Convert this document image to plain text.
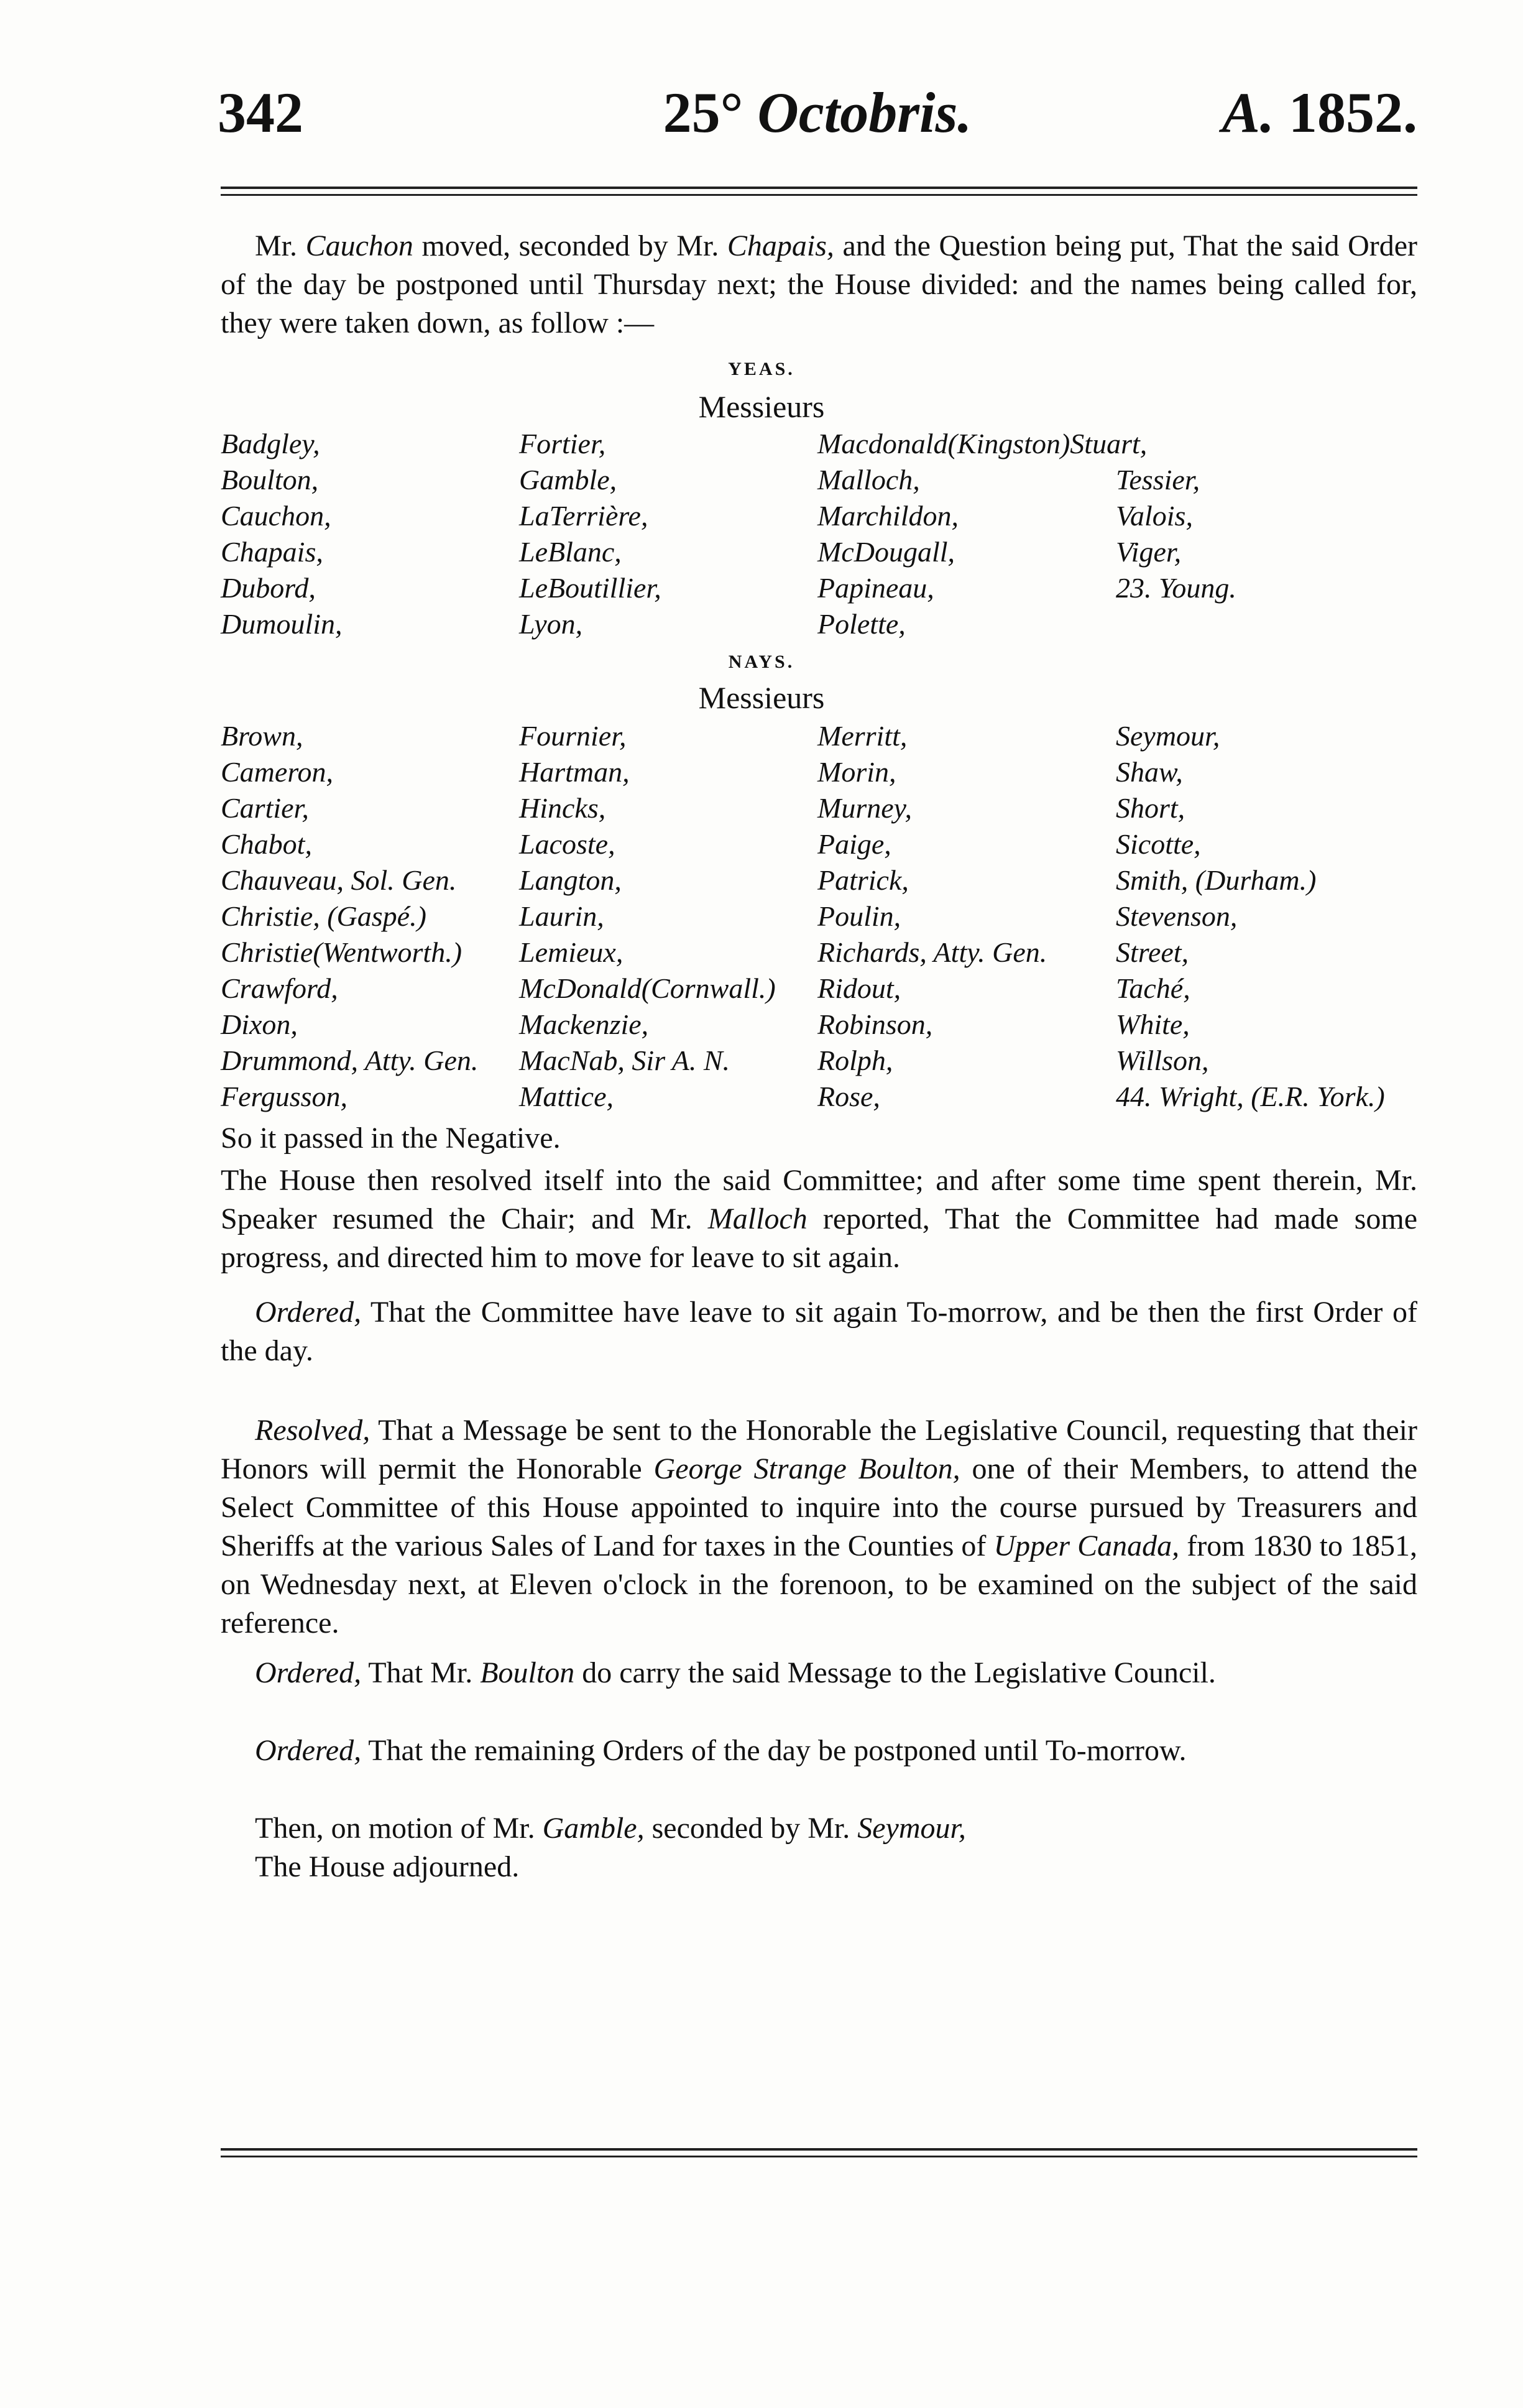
342	25° Octobris.	A. 1852.
Mr. Cauchon moved, seconded by Mr. Chapais, and the Question being put, That the said Order of the day be postponed until Thursday next; the House divided: and the names being called for, they were taken down, as follow :—
YEAS.
Messieurs
Badgley,
Boulton,
Cauchon,
Chapais,
Dubord,
Dumoulin,
Fortier,
Gamble,
LaTerrière,
LeBlanc,
LeBoutillier,
Lyon,
Macdonald(Kingston)Stuart,
Malloch,
Marchildon,
McDougall,
Papineau,
Polette,
Tessier,
Valois,
Viger,
23. Young.
NAYS.
Messieurs
Brown,
Cameron,
Cartier,
Chabot,
Chauveau, Sol. Gen.
Christie, (Gaspé.)
Christie(Wentworth.)
Crawford,
Dixon,
Drummond, Atty. Gen.
Fergusson,
Fournier,
Hartman,
Hincks,
Lacoste,
Langton,
Laurin,
Lemieux,
McDonald(Cornwall.)
Mackenzie,
MacNab, Sir A. N.
Mattice,
Merritt,
Morin,
Murney,
Paige,
Patrick,
Poulin,
Richards, Atty. Gen.
Ridout,
Robinson,
Rolph,
Rose,
Seymour,
Shaw,
Short,
Sicotte,
Smith, (Durham.)
Stevenson,
Street,
Taché,
White,
Willson,
44. Wright, (E.R. York.)
So it passed in the Negative.
The House then resolved itself into the said Committee; and after some time spent therein, Mr. Speaker resumed the Chair; and Mr. Malloch reported, That the Committee had made some progress, and directed him to move for leave to sit again.
Ordered, That the Committee have leave to sit again To-morrow, and be then the first Order of the day.
Resolved, That a Message be sent to the Honorable the Legislative Council, requesting that their Honors will permit the Honorable George Strange Boulton, one of their Members, to attend the Select Committee of this House appointed to inquire into the course pursued by Treasurers and Sheriffs at the various Sales of Land for taxes in the Counties of Upper Canada, from 1830 to 1851, on Wednesday next, at Eleven o'clock in the forenoon, to be examined on the subject of the said reference.
Ordered, That Mr. Boulton do carry the said Message to the Legislative Council.
Ordered, That the remaining Orders of the day be postponed until To-morrow.
Then, on motion of Mr. Gamble, seconded by Mr. Seymour,
The House adjourned.
